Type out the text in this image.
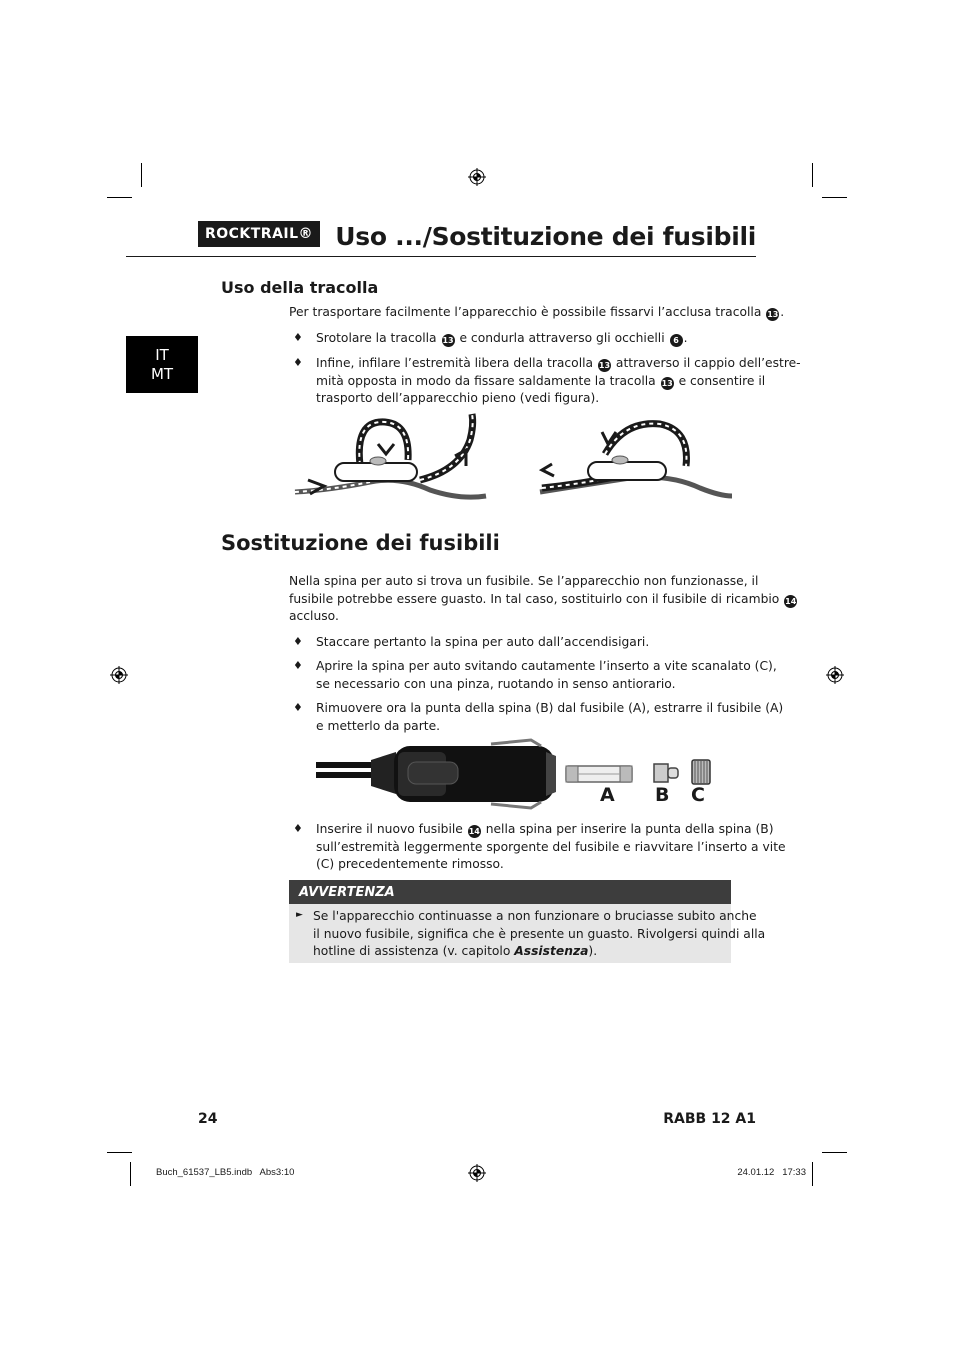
ROCKTRAIL® Uso .../Sostituzione dei fusibili
IT
MT
Uso della tracolla
Per trasportare facilmente l’apparecchio è possibile fissarvi l’acclusa tracolla 13 .
♦ Srotolare la tracolla 13 e condurla attraverso gli occhielli 6 .
♦ Infine, infilare l’estremità libera della tracolla 13 attraverso il cappio dell’estre-
mità opposta in modo da fissare saldamente la tracolla 13 e consentire il
trasporto dell’apparecchio pieno (vedi figura).
Sostituzione dei fusibili
Nella spina per auto si trova un fusibile. Se l’apparecchio non funzionasse, il
fusibile potrebbe essere guasto. In tal caso, sostituirlo con il fusibile di ricambio 14
accluso.
♦ Staccare pertanto la spina per auto dall’accendisigari.
♦ Aprire la spina per auto svitando cautamente l’inserto a vite scanalato (C),
se necessario con una pinza, ruotando in senso antiorario.
♦ Rimuovere ora la punta della spina (B) dal fusibile (A), estrarre il fusibile (A)
e metterlo da parte.
A B C
♦ Inserire il nuovo fusibile 14 nella spina per inserire la punta della spina (B)
sull’estremità leggermente sporgente del fusibile e riavvitare l’inserto a vite
(C) precedentemente rimosso.
AVVERTENZA
► Se l'apparecchio continuasse a non funzionare o bruciasse subito anche
il nuovo fusibile, significa che è presente un guasto. Rivolgersi quindi alla
hotline di assistenza (v. capitolo Assistenza).
24	RABB 12 A1
Buch_61537_LB5.indb   Abs3:10	24.01.12   17:33
